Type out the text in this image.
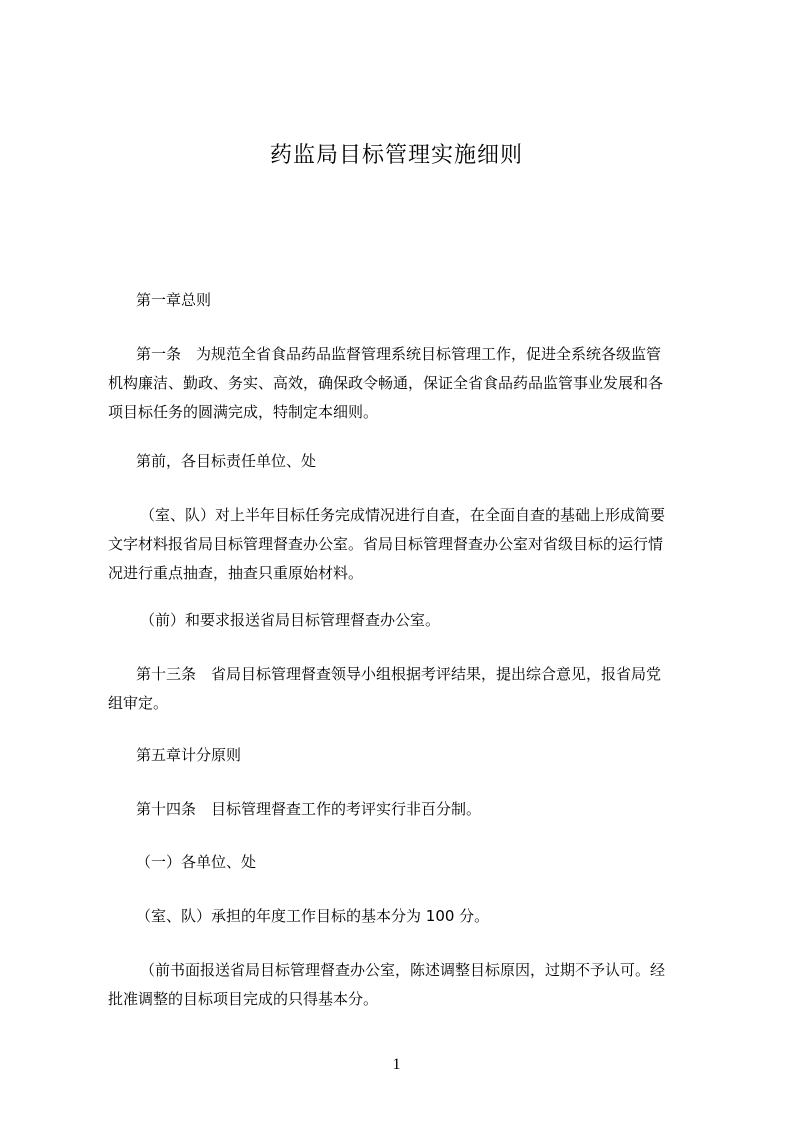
药监局目标管理实施细则
第一章总则
第一条　为规范全省食品药品监督管理系统目标管理工作，促进全系统各级监管
机构廉洁、勤政、务实、高效，确保政令畅通，保证全省食品药品监管事业发展和各
项目标任务的圆满完成，特制定本细则。
第前，各目标责任单位、处
（室、队）对上半年目标任务完成情况进行自查，在全面自查的基础上形成简要
文字材料报省局目标管理督查办公室。省局目标管理督查办公室对省级目标的运行情
况进行重点抽查，抽查只重原始材料。
（前）和要求报送省局目标管理督查办公室。
第十三条　省局目标管理督查领导小组根据考评结果，提出综合意见，报省局党
组审定。
第五章计分原则
第十四条　目标管理督查工作的考评实行非百分制。
（一）各单位、处
（室、队）承担的年度工作目标的基本分为 100 分。
（前书面报送省局目标管理督查办公室，陈述调整目标原因，过期不予认可。经
批准调整的目标项目完成的只得基本分。
1
